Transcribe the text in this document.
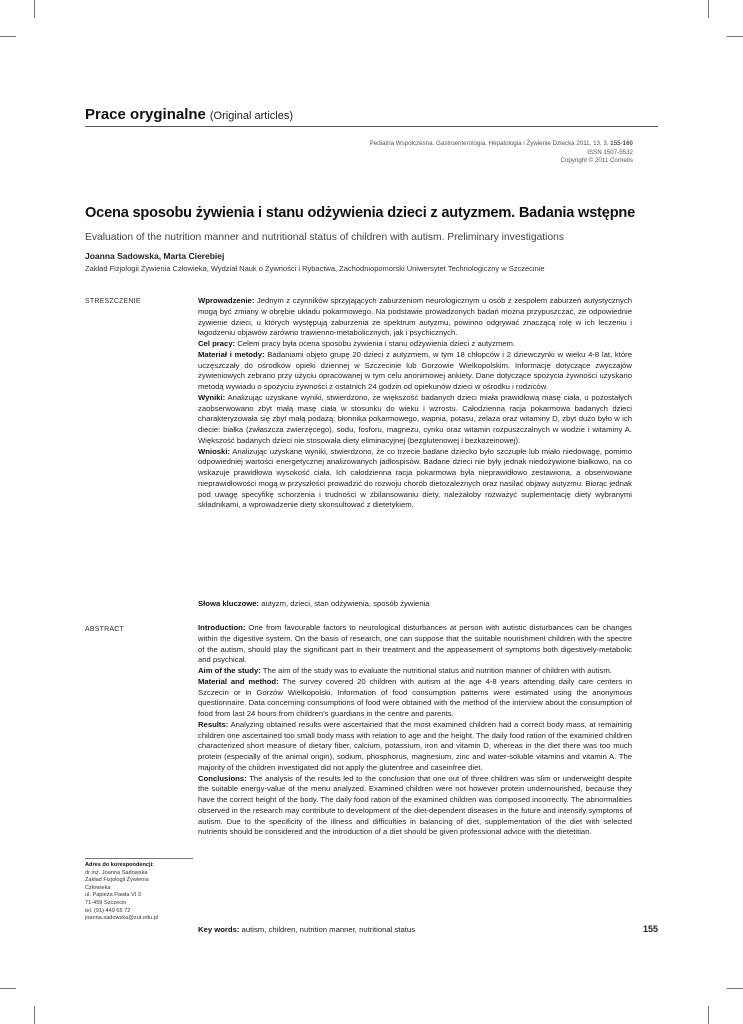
Prace oryginalne (Original articles)
Pediatria Współczesna. Gastroenterologia, Hepatologia i Żywienie Dziecka 2011, 13, 3, 155-160
ISSN 1507-5532
Copyright © 2011 Cornetis
Ocena sposobu żywienia i stanu odżywienia dzieci z autyzmem. Badania wstępne
Evaluation of the nutrition manner and nutritional status of children with autism. Preliminary investigations
Joanna Sadowska, Marta Cierebiej
Zakład Fizjologii Żywienia Człowieka, Wydział Nauk o Żywności i Rybactwa, Zachodniopomorski Uniwersytet Technologiczny w Szczecinie
STRESZCZENIE	Wprowadzenie: Jednym z czynników sprzyjających zaburzeniom neurologicznym u osób z zespołem zaburzeń autystycznych mogą być zmiany w obrębie układu pokarmowego. Na podstawie prowadzonych badań można przypuszczać, że odpowiednie żywienie dzieci, u których występują zaburzenia ze spektrum autyzmu, powinno odgrywać znaczącą rolę w ich leczeniu i łagodzeniu objawów zarówno trawienno-metabolicznych, jak i psychicznych.

Cel pracy: Celem pracy była ocena sposobu żywienia i stanu odżywienia dzieci z autyzmem.

Materiał i metody: Badaniami objęto grupę 20 dzieci z autyzmem, w tym 18 chłopców i 2 dziewczynki w wieku 4-8 lat, które uczęszczały do ośrodków opieki dziennej w Szczecinie lub Gorzowie Wielkopolskim. Informacje dotyczące zwyczajów żywieniowych zebrano przy użyciu opracowanej w tym celu anonimowej ankiety. Dane dotyczące spożycia żywności uzyskano metodą wywiadu o spożyciu żywności z ostatnich 24 godzin od opiekunów dzieci w ośrodku i rodziców.

Wyniki: Analizując uzyskane wyniki, stwierdzono, że większość badanych dzieci miała prawidłową masę ciała, u pozostałych zaobserwowano zbyt małą masę ciała w stosunku do wieku i wzrostu. Całodzienna racja pokarmowa badanych dzieci charakteryzowała się zbyt małą podażą: błonnika pokarmowego, wapnia, potasu, żelaza oraz witaminy D, zbyt dużo było w ich diecie: białka (zwłaszcza zwierzęcego), sodu, fosforu, magnezu, cynku oraz witamin rozpuszczalnych w wodzie i witaminy A. Większość badanych dzieci nie stosowała diety eliminacyjnej (bezglutenowej i bezkazeinowej).

Wnioski: Analizując uzyskane wyniki, stwierdzono, że co trzecie badane dziecko było szczupłe lub miało niedowagę, pomimo odpowiedniej wartości energetycznej analizowanych jadłospisów. Badane dzieci nie były jednak niedożywione białkowo, na co wskazuje prawidłowa wysokość ciała. Ich całodzienna racja pokarmowa była nieprawidłowo zestawiona, a obserwowane nieprawidłowości mogą w przyszłości prowadzić do rozwoju chorób dietozależnych oraz nasilać objawy autyzmu. Biorąc jednak pod uwagę specyfikę schorzenia i trudności w zbilansowaniu diety, należałoby rozważyć suplementację diety wybranymi składnikami, a wprowadzenie diety skonsultować z dietetykiem.

Słowa kluczowe: autyzm, dzieci, stan odżywienia, sposób żywienia
ABSTRACT	Introduction: One from favourable factors to neurological disturbances at person with autistic disturbances can be changes within the digestive system. On the basis of research, one can suppose that the suitable nourishment children with the spectre of the autism, should play the significant part in their treatment and the appeasement of symptoms both digestively-metabolic and psychical.

Aim of the study: The aim of the study was to evaluate the nutritional status and nutrition manner of children with autism.

Material and method: The survey covered 20 children with autism at the age 4-8 years attending daily care centers in Szczecin or in Gorzów Wielkopolski. Information of food consumption patterns were estimated using the anonymous questionnaire. Data concerning consumptions of food were obtained with the method of the interview about the consumption of food from last 24 hours from children's guardians in the centre and parents.

Results: Analyzing obtained results were ascertained that the most examined children had a correct body mass, at remaining children one ascertained too small body mass with relation to age and the height. The daily food ration of the examined children characterized short measure of dietary fiber, calcium, potassium, iron and vitamin D, whereas in the diet there was too much protein (especially of the animal origin), sodium, phosphorus, magnesium, zinc and water-soluble vitamins and vitamin A. The majority of the children investigated did not apply the glutenfree and caseinfree diet.

Conclusions: The analysis of the results led to the conclusion that one out of three children was slim or underweight despite the suitable energy-value of the menu analyzed. Examined children were not however protein undernourished, because they have the correct height of the body. The daily food ration of the examined children was composed incorrectly. The abnormalities observed in the research may contribute to development of the diet-dependent diseases in the future and intensify symptoms of autism. Due to the specificity of the illness and difficulties in balancing of diet, supplementation of the diet with selected nutrients should be considered and the introduction of a diet should be given professional advice with the dietetitian.

Adres do korespondencji:
dr inż. Joanna Sadowska
Zakład Fizjologii Żywienia
Człowieka
ul. Papieża Pawła VI 3
71-459 Szczecin
tel. (91) 449 65 72
joanna.sadowska@zut.edu.pl
Key words: autism, children, nutrition manner, nutritional status	155
